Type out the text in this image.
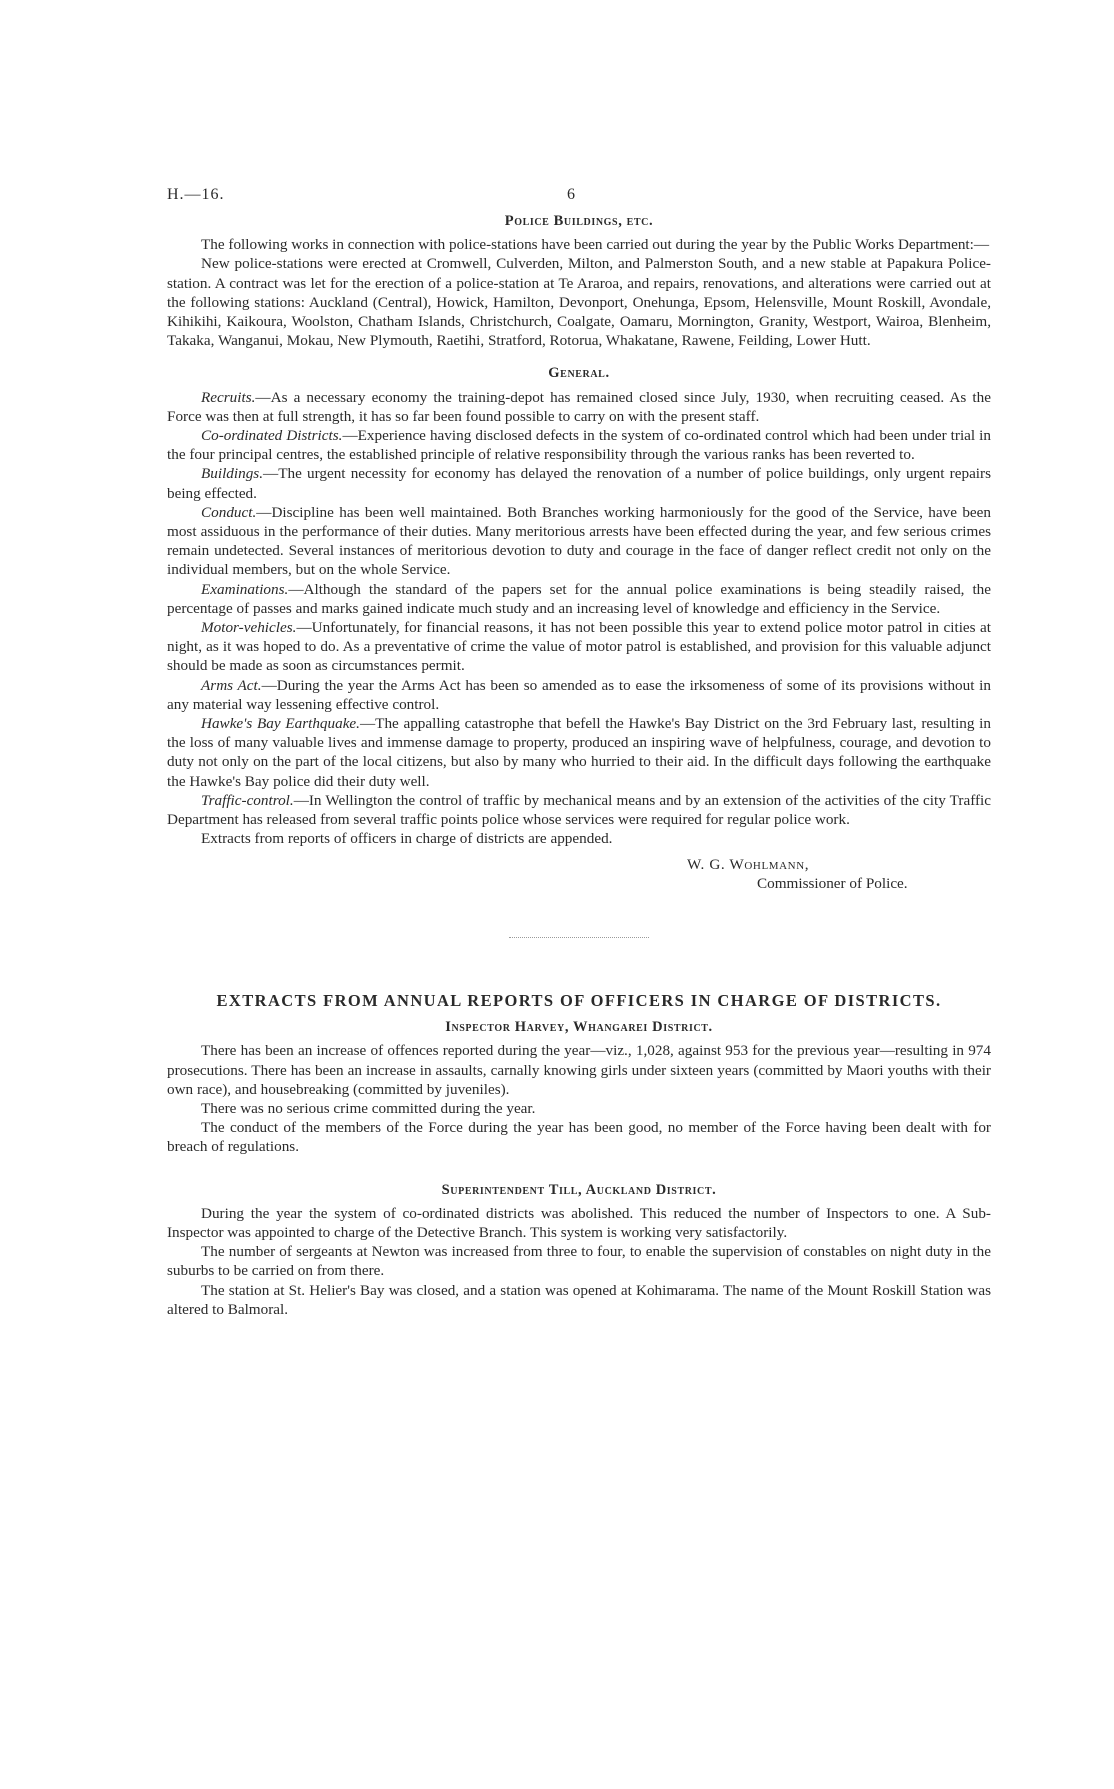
H.—16.	6
Police Buildings, etc.

The following works in connection with police-stations have been carried out during the year by the Public Works Department:—

New police-stations were erected at Cromwell, Culverden, Milton, and Palmerston South, and a new stable at Papakura Police-station. A contract was let for the erection of a police-station at Te Araroa, and repairs, renovations, and alterations were carried out at the following stations: Auckland (Central), Howick, Hamilton, Devonport, Onehunga, Epsom, Helensville, Mount Roskill, Avondale, Kihikihi, Kaikoura, Woolston, Chatham Islands, Christchurch, Coalgate, Oamaru, Mornington, Granity, Westport, Wairoa, Blenheim, Takaka, Wanganui, Mokau, New Plymouth, Raetihi, Stratford, Rotorua, Whakatane, Rawene, Feilding, Lower Hutt.

General.

Recruits.—As a necessary economy the training-depot has remained closed since July, 1930, when recruiting ceased. As the Force was then at full strength, it has so far been found possible to carry on with the present staff.

Co-ordinated Districts.—Experience having disclosed defects in the system of co-ordinated control which had been under trial in the four principal centres, the established principle of relative responsibility through the various ranks has been reverted to.

Buildings.—The urgent necessity for economy has delayed the renovation of a number of police buildings, only urgent repairs being effected.

Conduct.—Discipline has been well maintained. Both Branches working harmoniously for the good of the Service, have been most assiduous in the performance of their duties. Many meritorious arrests have been effected during the year, and few serious crimes remain undetected. Several instances of meritorious devotion to duty and courage in the face of danger reflect credit not only on the individual members, but on the whole Service.

Examinations.—Although the standard of the papers set for the annual police examinations is being steadily raised, the percentage of passes and marks gained indicate much study and an increasing level of knowledge and efficiency in the Service.

Motor-vehicles.—Unfortunately, for financial reasons, it has not been possible this year to extend police motor patrol in cities at night, as it was hoped to do. As a preventative of crime the value of motor patrol is established, and provision for this valuable adjunct should be made as soon as circumstances permit.

Arms Act.—During the year the Arms Act has been so amended as to ease the irksomeness of some of its provisions without in any material way lessening effective control.

Hawke's Bay Earthquake.—The appalling catastrophe that befell the Hawke's Bay District on the 3rd February last, resulting in the loss of many valuable lives and immense damage to property, produced an inspiring wave of helpfulness, courage, and devotion to duty not only on the part of the local citizens, but also by many who hurried to their aid. In the difficult days following the earthquake the Hawke's Bay police did their duty well.

Traffic-control.—In Wellington the control of traffic by mechanical means and by an extension of the activities of the city Traffic Department has released from several traffic points police whose services were required for regular police work.

Extracts from reports of officers in charge of districts are appended.

W. G. Wohlmann,
Commissioner of Police.
EXTRACTS FROM ANNUAL REPORTS OF OFFICERS IN CHARGE OF DISTRICTS.
Inspector Harvey, Whangarei District.

There has been an increase of offences reported during the year—viz., 1,028, against 953 for the previous year—resulting in 974 prosecutions. There has been an increase in assaults, carnally knowing girls under sixteen years (committed by Maori youths with their own race), and housebreaking (committed by juveniles).

There was no serious crime committed during the year.

The conduct of the members of the Force during the year has been good, no member of the Force having been dealt with for breach of regulations.

Superintendent Till, Auckland District.

During the year the system of co-ordinated districts was abolished. This reduced the number of Inspectors to one. A Sub-Inspector was appointed to charge of the Detective Branch. This system is working very satisfactorily.

The number of sergeants at Newton was increased from three to four, to enable the supervision of constables on night duty in the suburbs to be carried on from there.

The station at St. Helier's Bay was closed, and a station was opened at Kohimarama. The name of the Mount Roskill Station was altered to Balmoral.
